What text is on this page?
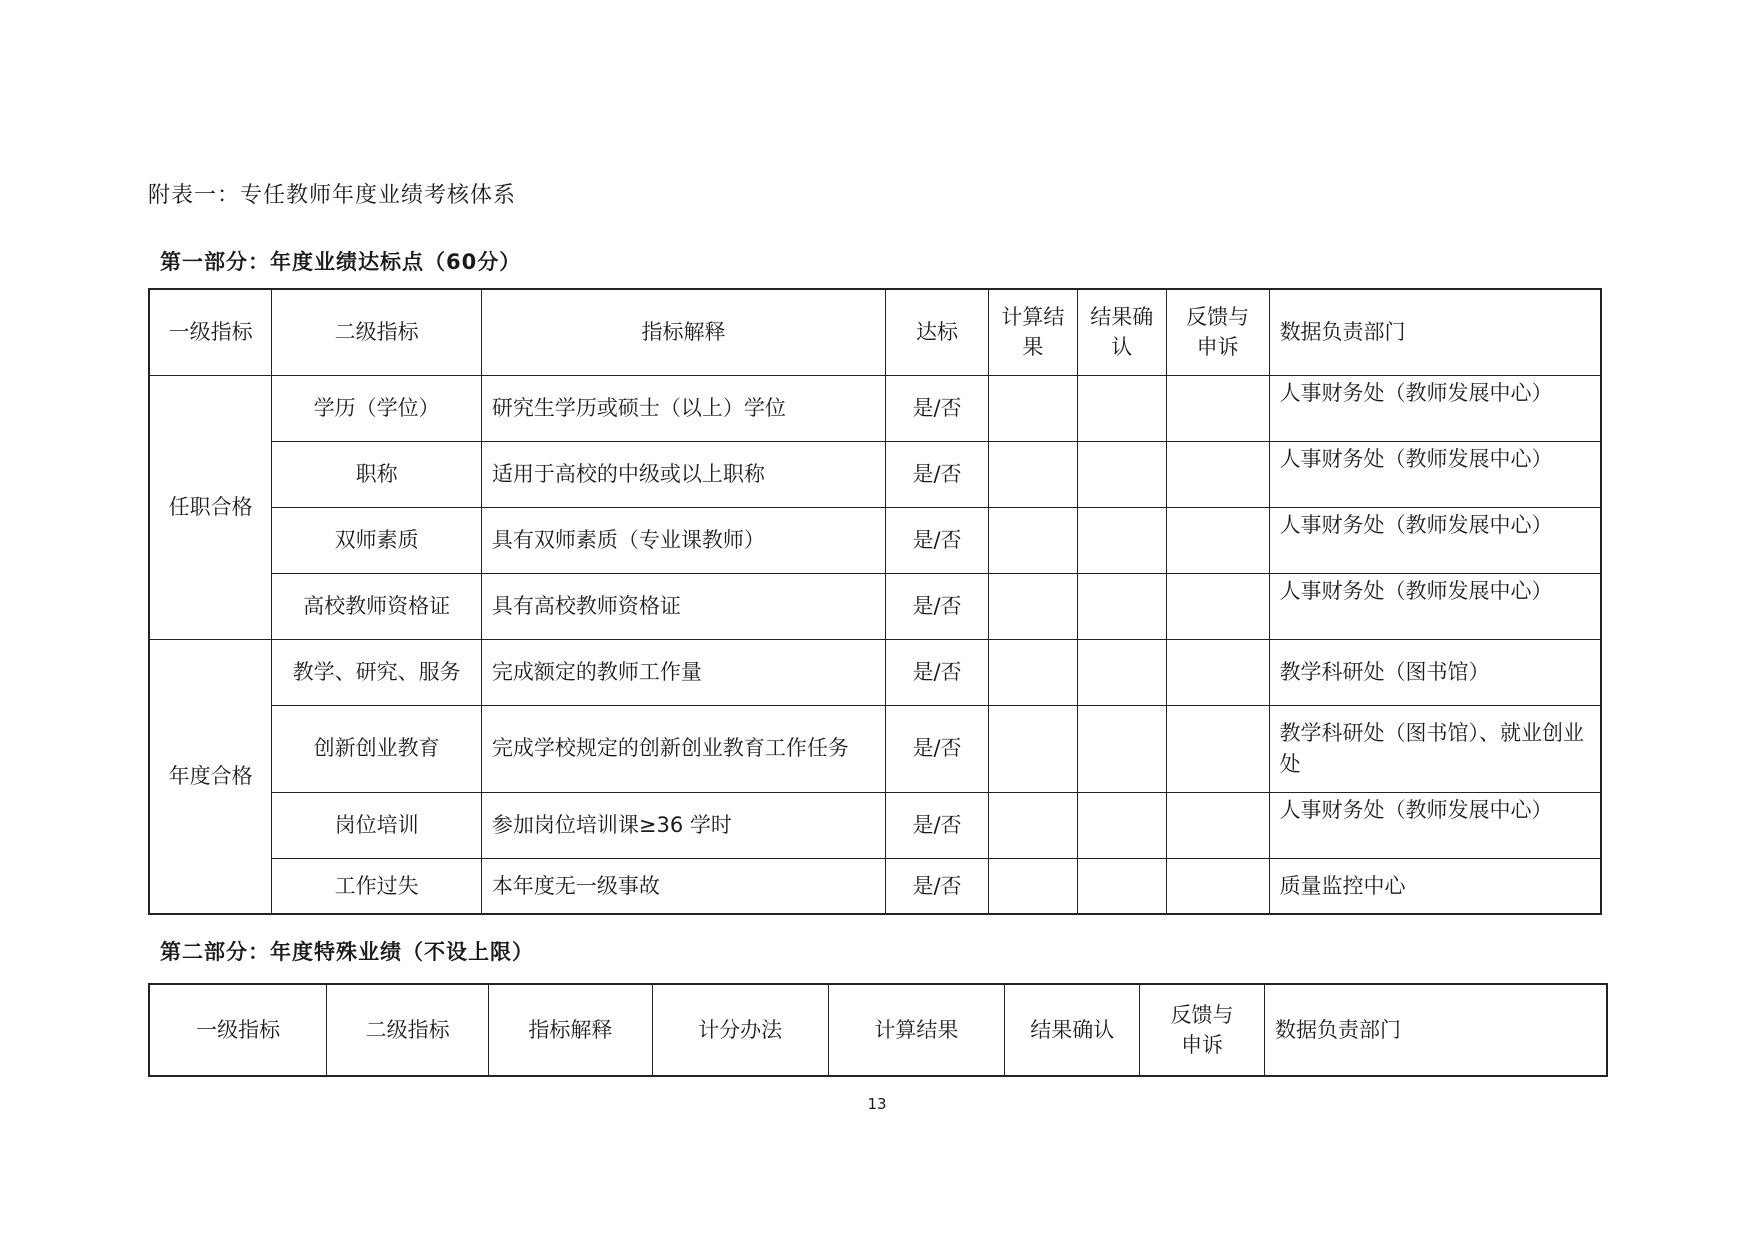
附表一：专任教师年度业绩考核体系
第一部分：年度业绩达标点（60分）
一级指标	二级指标	指标解释	达标	计算结果	结果确认	反馈与申诉	数据负责部门
任职合格	学历（学位）	研究生学历或硕士（以上）学位	是/否				人事财务处（教师发展中心）
	职称	适用于高校的中级或以上职称	是/否				人事财务处（教师发展中心）
	双师素质	具有双师素质（专业课教师）	是/否				人事财务处（教师发展中心）
	高校教师资格证	具有高校教师资格证	是/否				人事财务处（教师发展中心）
年度合格	教学、研究、服务	完成额定的教师工作量	是/否				教学科研处（图书馆）
	创新创业教育	完成学校规定的创新创业教育工作任务	是/否				教学科研处（图书馆）、就业创业处
	岗位培训	参加岗位培训课≥36 学时	是/否				人事财务处（教师发展中心）
	工作过失	本年度无一级事故	是/否				质量监控中心
第二部分：年度特殊业绩（不设上限）
一级指标	二级指标	指标解释	计分办法	计算结果	结果确认	反馈与申诉	数据负责部门
13
